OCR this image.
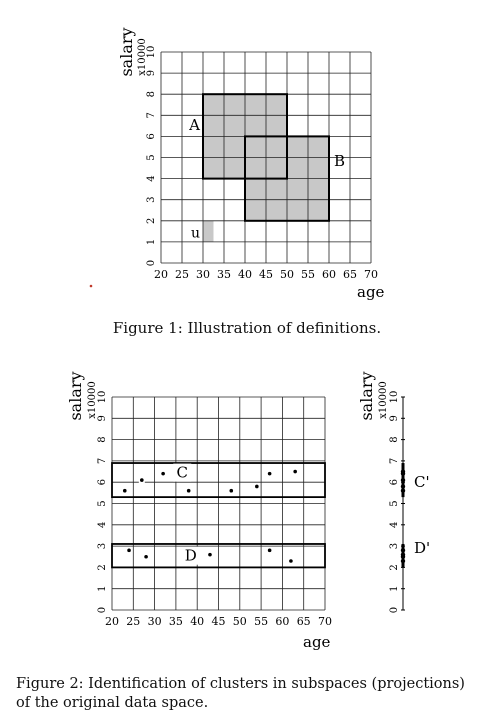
A
B
u
20 25 30 35 40 45 50 55 60 65 70
0
1
2
3
4
5
6
7
8
9
10
age
salary x10000
C
D
20 25 30 35 40 45 50 55 60 65 70
0
1
2
3
4
5
6
7
8
9
10
age
salary x10000
C'
D'
0
1
2
3
4
5
6
7
8
9
10
salary x10000
Figure 1: Illustration of definitions.
Figure 2: Identification of clusters in subspaces (projections)
of the original data space.
